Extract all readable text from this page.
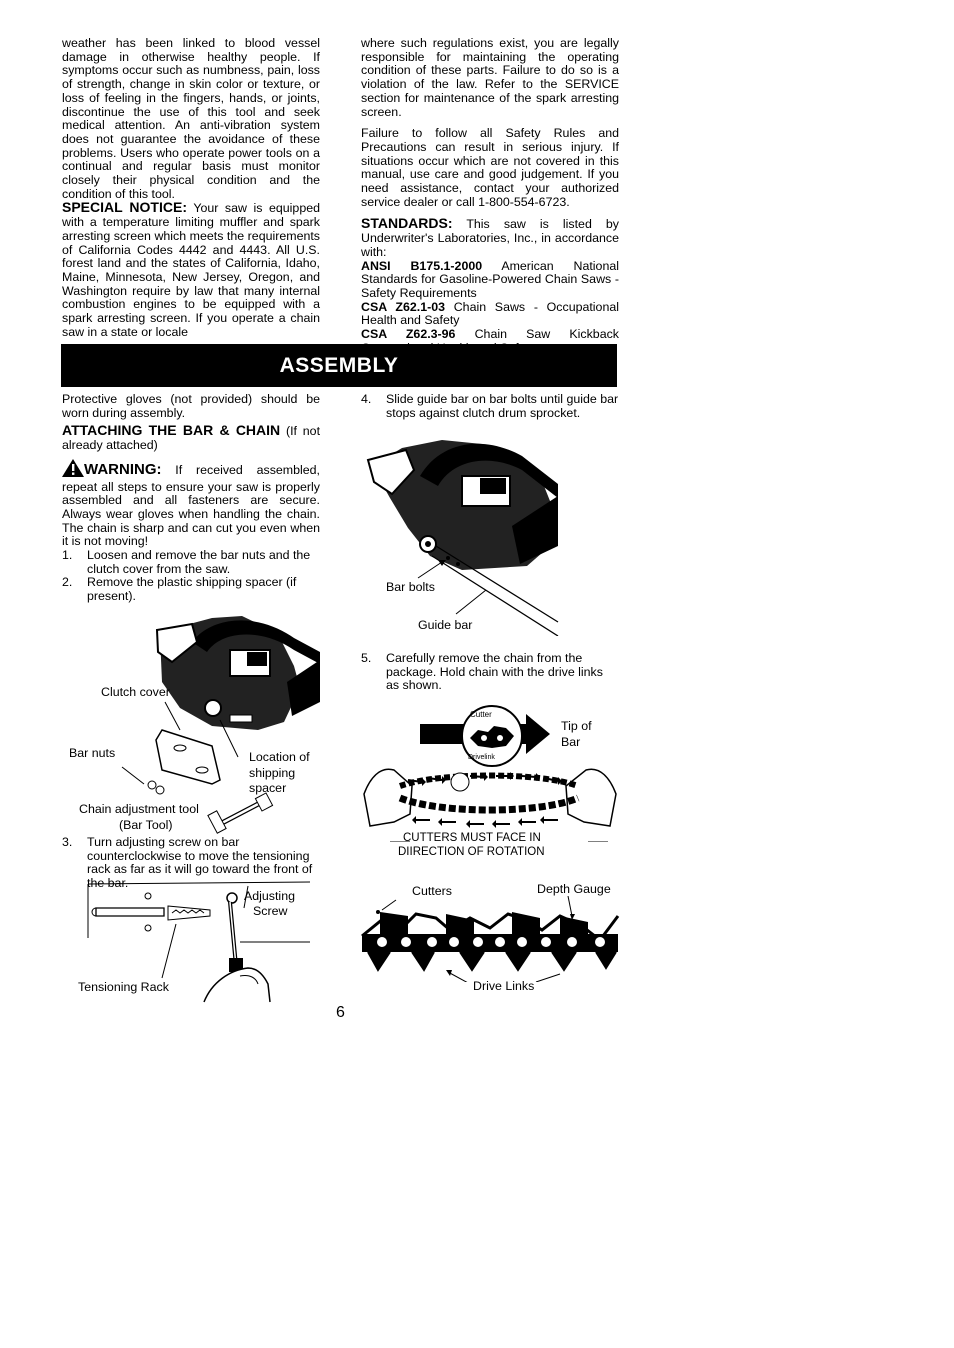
weather has been linked to blood vessel damage in otherwise healthy people. If symptoms occur such as numbness, pain, loss of strength, change in skin color or texture, or loss of feeling in the fingers, hands, or joints, discontinue the use of this tool and seek medical attention. An anti-vibration system does not guarantee the avoidance of these problems. Users who operate power tools on a continual and regular basis must monitor closely their physical condition and the condition of this tool.

SPECIAL NOTICE: Your saw is equipped with a temperature limiting muffler and spark arresting screen which meets the requirements of California Codes 4442 and 4443. All U.S. forest land and the states of California, Idaho, Maine, Minnesota, New Jersey, Oregon, and Washington require by law that many internal combustion engines to be equipped with a spark arresting screen. If you operate a chain saw in a state or locale

where such regulations exist, you are legally responsible for maintaining the operating condition of these parts. Failure to do so is a violation of the law. Refer to the SERVICE section for maintenance of the spark arresting screen.

Failure to follow all Safety Rules and Precautions can result in serious injury. If situations occur which are not covered in this manual, use care and good judgement. If you need assistance, contact your authorized service dealer or call 1-800-554-6723.

STANDARDS: This saw is listed by Underwriter's Laboratories, Inc., in accordance with:

ANSI B175.1-2000 American National Standards for Gasoline-Powered Chain Saws - Safety Requirements

CSA Z62.1-03 Chain Saws - Occupational Health and Safety

CSA Z62.3-96 Chain Saw Kickback

ASSEMBLY

Protective gloves (not provided) should be worn during assembly.

ATTACHING THE BAR & CHAIN (If not already attached)

WARNING: If received assembled, repeat all steps to ensure your saw is properly assembled and all fasteners are secure. Always wear gloves when handling the chain. The chain is sharp and can cut you even when it is not moving!

1. Loosen and remove the bar nuts and the clutch cover from the saw.
2. Remove the plastic shipping spacer (if present).
Clutch cover
Bar nuts	Location of
shipping
spacer
Chain adjustment tool
(Bar Tool)
3. Turn adjusting screw on bar counterclockwise to move the tensioning rack as far as it will go toward the front of the bar.
Adjusting
Screw
Tensioning Rack
4. Slide guide bar on bar bolts until guide bar stops against clutch drum sprocket.
Bar bolts
Guide bar
5. Carefully remove the chain from the package. Hold chain with the drive links as shown.
Cutter
Drivelink
Tip of
Bar
CUTTERS MUST FACE IN
DIIRECTION OF ROTATION
Cutters	Depth Gauge
Drive Links
6
